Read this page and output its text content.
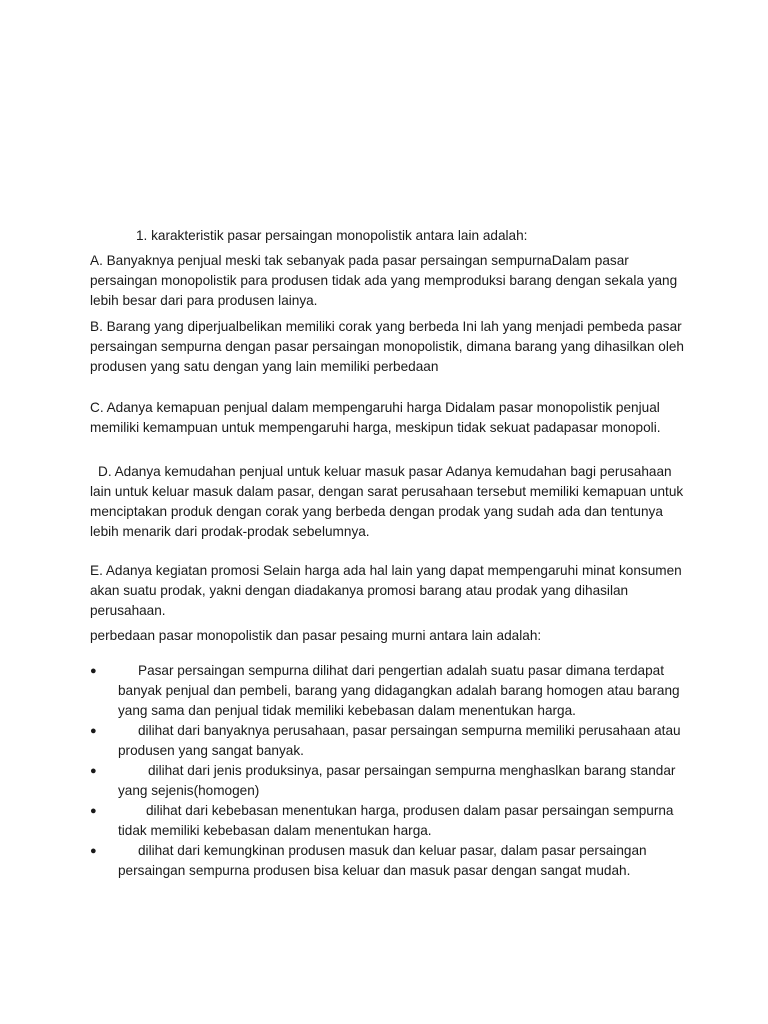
1. karakteristik pasar persaingan monopolistik antara lain adalah:

A. Banyaknya penjual meski tak sebanyak pada pasar persaingan sempurnaDalam pasar persaingan monopolistik para produsen tidak ada yang memproduksi barang dengan sekala yang lebih besar dari para produsen lainya.

B. Barang yang diperjualbelikan memiliki corak yang berbeda Ini lah yang menjadi pembeda pasar persaingan sempurna dengan pasar persaingan monopolistik, dimana barang yang dihasilkan oleh produsen yang satu dengan yang lain memiliki perbedaan

C. Adanya kemapuan penjual dalam mempengaruhi harga Didalam pasar monopolistik penjual memiliki kemampuan untuk mempengaruhi harga, meskipun tidak sekuat padapasar monopoli.

D. Adanya kemudahan penjual untuk keluar masuk pasar Adanya kemudahan bagi perusahaan lain untuk keluar masuk dalam pasar, dengan sarat perusahaan tersebut memiliki kemapuan untuk menciptakan produk dengan corak yang berbeda dengan prodak yang sudah ada dan tentunya lebih menarik dari prodak-prodak sebelumnya.

E. Adanya kegiatan promosi Selain harga ada hal lain yang dapat mempengaruhi minat konsumen akan suatu prodak, yakni dengan diadakanya promosi barang atau prodak yang dihasilan perusahaan.

perbedaan pasar monopolistik dan pasar pesaing murni antara lain adalah:

●	Pasar persaingan sempurna dilihat dari pengertian adalah suatu pasar dimana terdapat banyak penjual dan pembeli, barang yang didagangkan adalah barang homogen atau barang yang sama dan penjual tidak memiliki kebebasan dalam menentukan harga.
●	dilihat dari banyaknya perusahaan, pasar persaingan sempurna memiliki perusahaan atau produsen yang sangat banyak.
●	dilihat dari jenis produksinya, pasar persaingan sempurna menghaslkan barang standar yang sejenis(homogen)
●	dilihat dari kebebasan menentukan harga, produsen dalam pasar persaingan sempurna tidak memiliki kebebasan dalam menentukan harga.
●	dilihat dari kemungkinan produsen masuk dan keluar pasar, dalam pasar persaingan persaingan sempurna produsen bisa keluar dan masuk pasar dengan sangat mudah.
